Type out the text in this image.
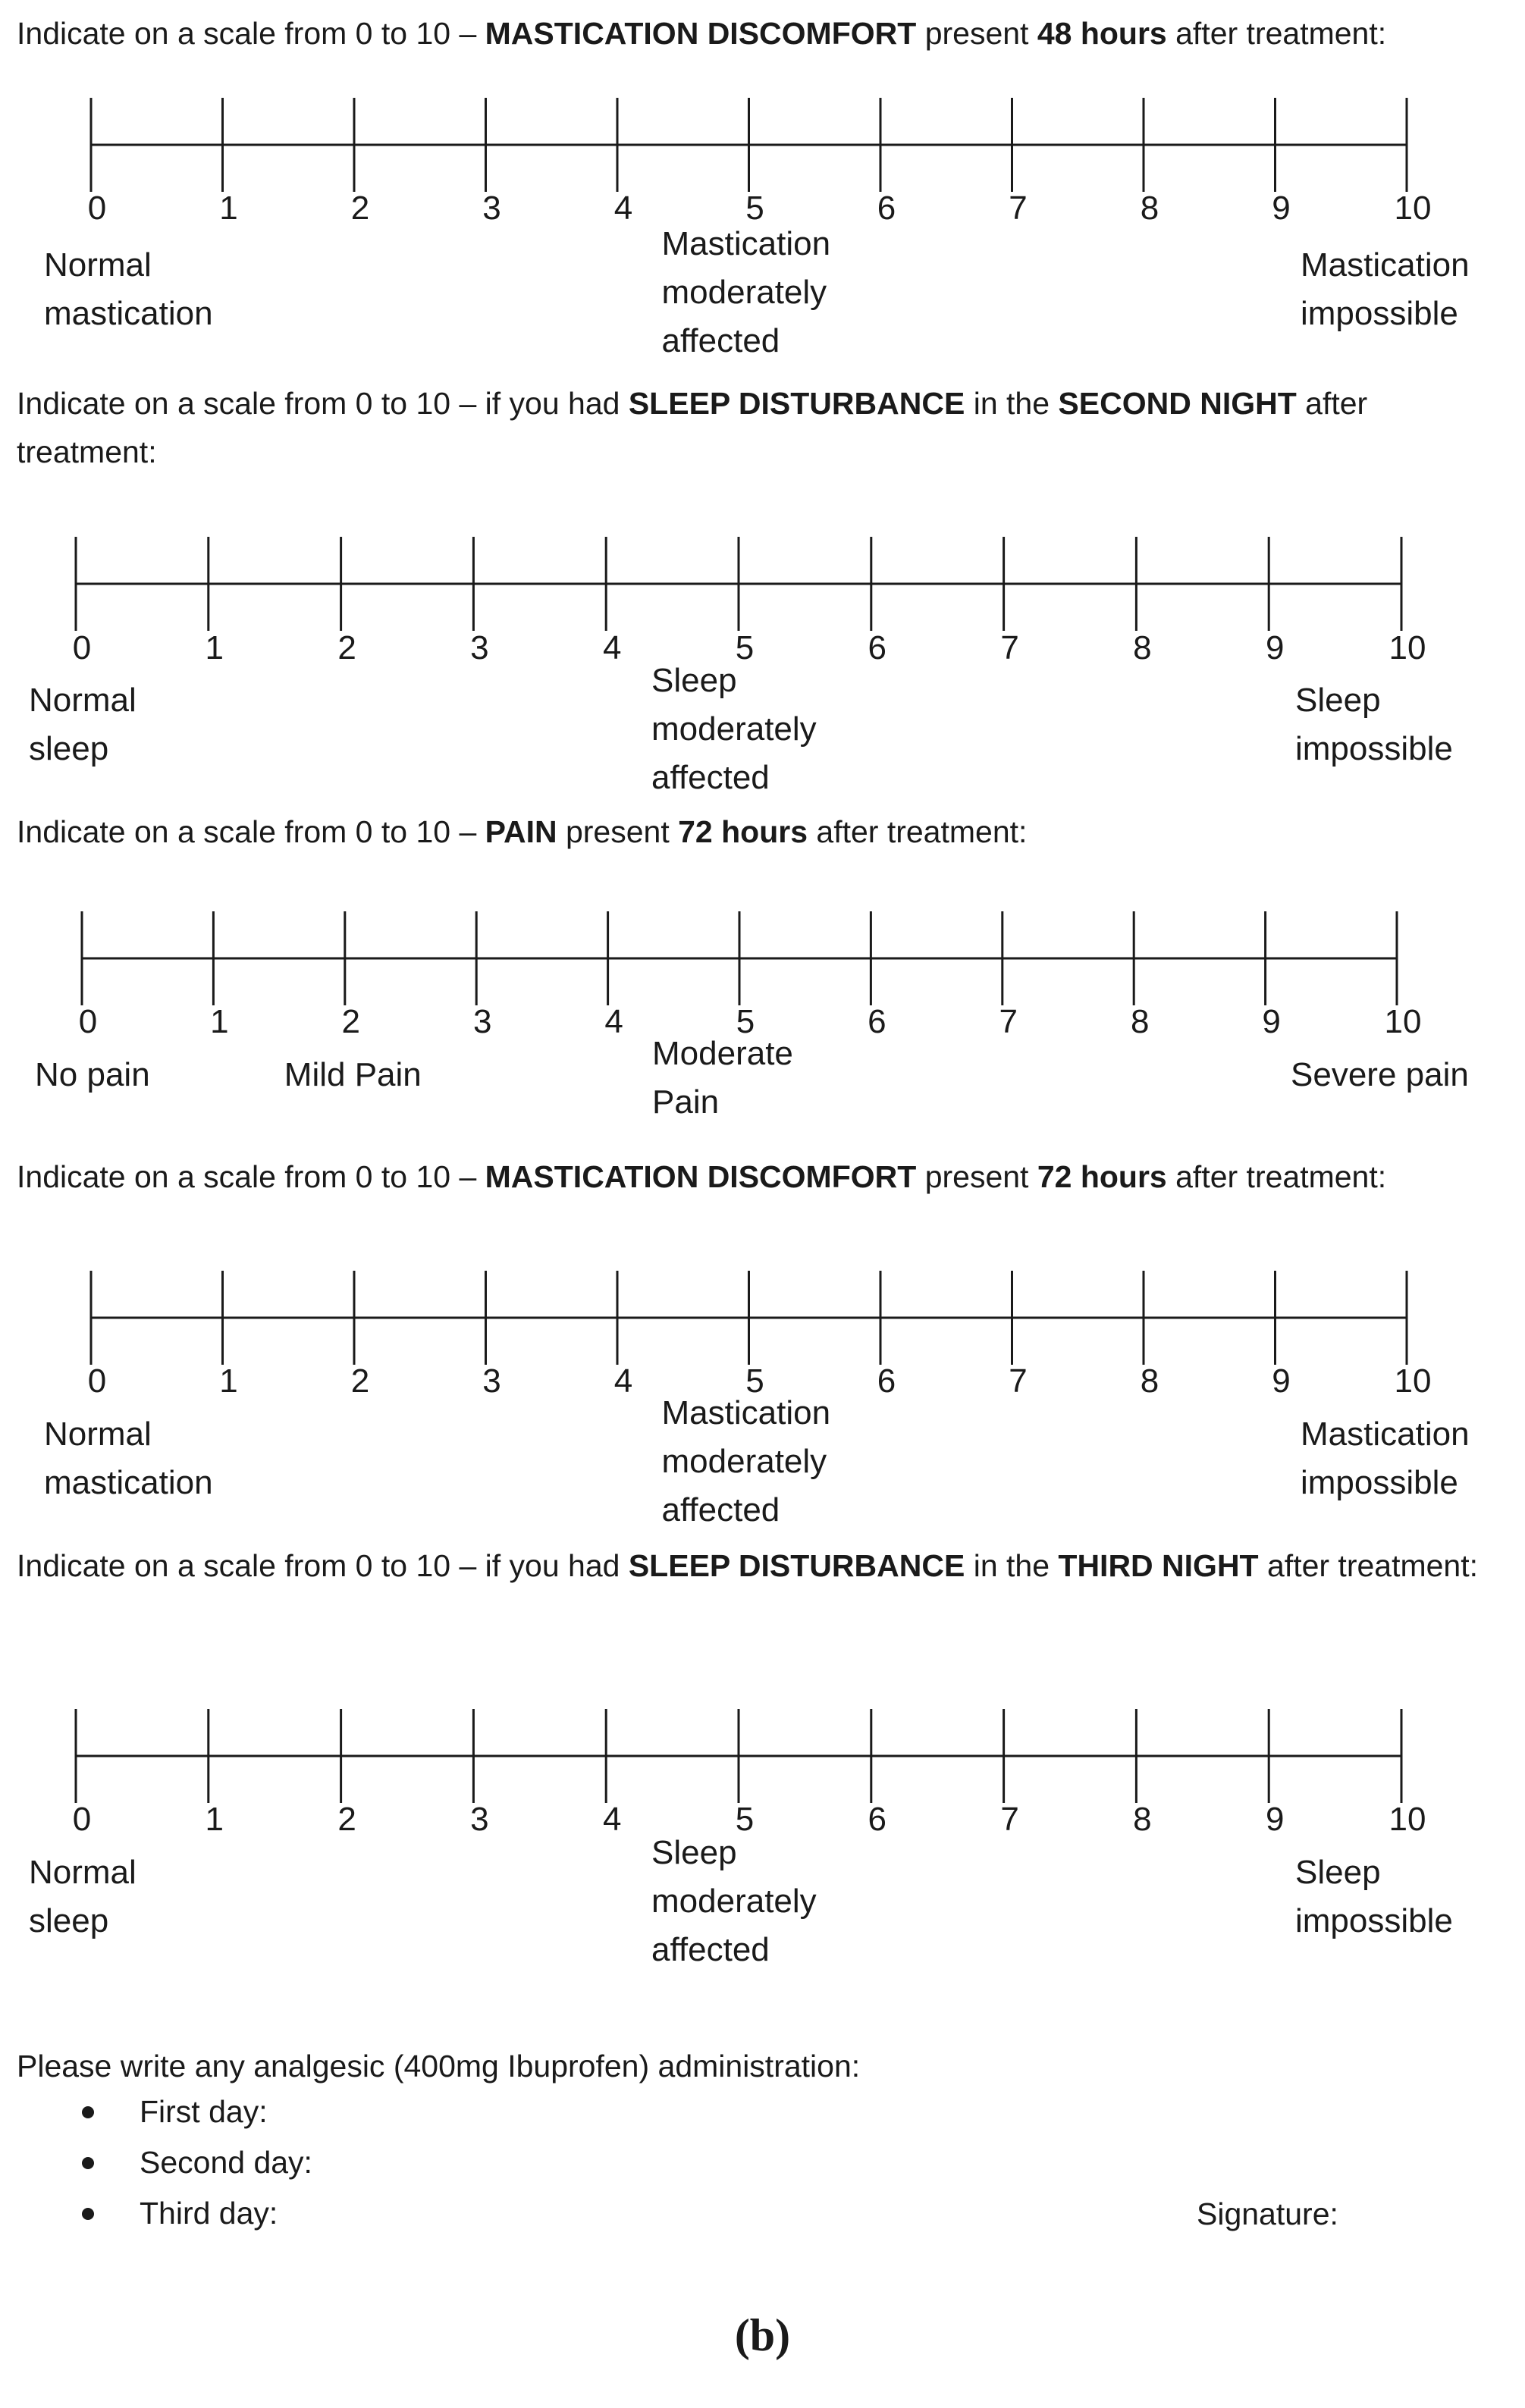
Indicate on a scale from 0 to 10 – MASTICATION DISCOMFORT present 48 hours after treatment:
0	1	2	3	4	5	6	7	8	9	10
Normal
mastication
Mastication
moderately
affected
Mastication
impossible
Indicate on a scale from 0 to 10 – if you had SLEEP DISTURBANCE in the SECOND NIGHT after treatment:
0	1	2	3	4	5	6	7	8	9	10
Normal
sleep
Sleep
moderately
affected
Sleep
impossible
Indicate on a scale from 0 to 10 – PAIN present 72 hours after treatment:
0	1	2	3	4	5	6	7	8	9	10
No pain	Mild Pain
Moderate
Pain
Severe pain
Indicate on a scale from 0 to 10 – MASTICATION DISCOMFORT present 72 hours after treatment:
0	1	2	3	4	5	6	7	8	9	10
Normal
mastication
Mastication
moderately
affected
Mastication
impossible
Indicate on a scale from 0 to 10 – if you had SLEEP DISTURBANCE in the THIRD NIGHT after treatment:
0	1	2	3	4	5	6	7	8	9	10
Normal
sleep
Sleep
moderately
affected
Sleep
impossible

Please write any analgesic (400mg Ibuprofen) administration:

First day:
Second day:
Third day:	Signature:
(b)
